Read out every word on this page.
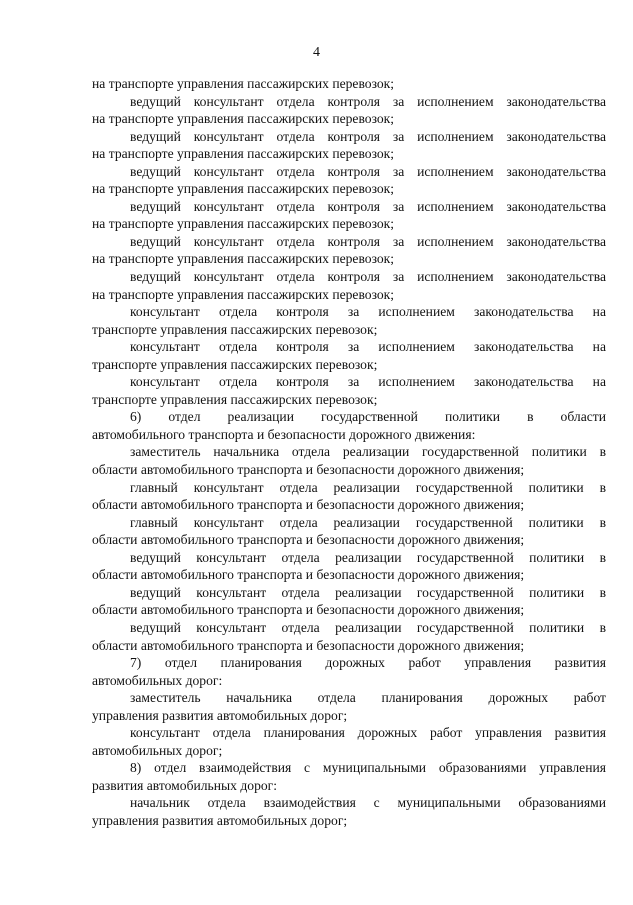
4
на транспорте управления пассажирских перевозок;
ведущий консультант отдела контроля за исполнением законодательства
на транспорте управления пассажирских перевозок;
ведущий консультант отдела контроля за исполнением законодательства
на транспорте управления пассажирских перевозок;
ведущий консультант отдела контроля за исполнением законодательства
на транспорте управления пассажирских перевозок;
ведущий консультант отдела контроля за исполнением законодательства
на транспорте управления пассажирских перевозок;
ведущий консультант отдела контроля за исполнением законодательства
на транспорте управления пассажирских перевозок;
ведущий консультант отдела контроля за исполнением законодательства
на транспорте управления пассажирских перевозок;
консультант отдела контроля за исполнением законодательства на
транспорте управления пассажирских перевозок;
консультант отдела контроля за исполнением законодательства на
транспорте управления пассажирских перевозок;
консультант отдела контроля за исполнением законодательства на
транспорте управления пассажирских перевозок;
6) отдел реализации государственной политики в области
автомобильного транспорта и безопасности дорожного движения:
заместитель начальника отдела реализации государственной политики в
области автомобильного транспорта и безопасности дорожного движения;
главный консультант отдела реализации государственной политики в
области автомобильного транспорта и безопасности дорожного движения;
главный консультант отдела реализации государственной политики в
области автомобильного транспорта и безопасности дорожного движения;
ведущий консультант отдела реализации государственной политики в
области автомобильного транспорта и безопасности дорожного движения;
ведущий консультант отдела реализации государственной политики в
области автомобильного транспорта и безопасности дорожного движения;
ведущий консультант отдела реализации государственной политики в
области автомобильного транспорта и безопасности дорожного движения;
7) отдел планирования дорожных работ управления развития
автомобильных дорог:
заместитель начальника отдела планирования дорожных работ
управления развития автомобильных дорог;
консультант отдела планирования дорожных работ управления развития
автомобильных дорог;
8) отдел взаимодействия с муниципальными образованиями управления
развития автомобильных дорог:
начальник отдела взаимодействия с муниципальными образованиями
управления развития автомобильных дорог;
